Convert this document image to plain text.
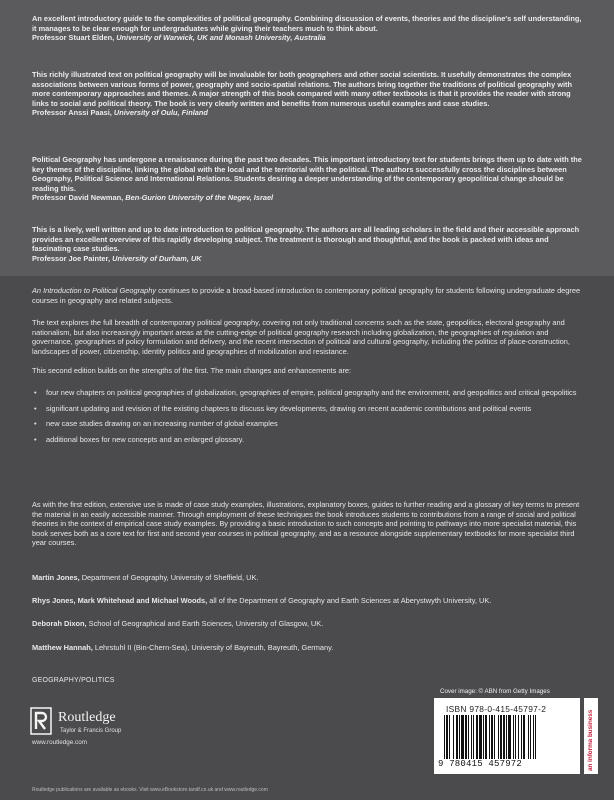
An excellent introductory guide to the complexities of political geography. Combining discussion of events, theories and the discipline's self understanding, it manages to be clear enough for undergraduates while giving their teachers much to think about.
Professor Stuart Elden, University of Warwick, UK and Monash University, Australia
This richly illustrated text on political geography will be invaluable for both geographers and other social scientists. It usefully demonstrates the complex associations between various forms of power, geography and socio-spatial relations. The authors bring together the traditions of political geography with more contemporary approaches and themes. A major strength of this book compared with many other textbooks is that it provides the reader with strong links to social and political theory. The book is very clearly written and benefits from numerous useful examples and case studies.
Professor Anssi Paasi, University of Oulu, Finland
Political Geography has undergone a renaissance during the past two decades. This important introductory text for students brings them up to date with the key themes of the discipline, linking the global with the local and the territorial with the political. The authors successfully cross the disciplines between Geography, Political Science and International Relations. Students desiring a deeper understanding of the contemporary geopolitical change should be reading this.
Professor David Newman, Ben-Gurion University of the Negev, Israel
This is a lively, well written and up to date introduction to political geography. The authors are all leading scholars in the field and their accessible approach provides an excellent overview of this rapidly developing subject. The treatment is thorough and thoughtful, and the book is packed with ideas and fascinating case studies.
Professor Joe Painter, University of Durham, UK
An Introduction to Political Geography continues to provide a broad-based introduction to contemporary political geography for students following undergraduate degree courses in geography and related subjects.
The text explores the full breadth of contemporary political geography, covering not only traditional concerns such as the state, geopolitics, electoral geography and nationalism, but also increasingly important areas at the cutting-edge of political geography research including globalization, the geographies of regulation and governance, geographies of policy formulation and delivery, and the recent intersection of political and cultural geography, including the politics of place-construction, landscapes of power, citizenship, identity politics and geographies of mobilization and resistance.
This second edition builds on the strengths of the first. The main changes and enhancements are:
• four new chapters on political geographies of globalization, geographies of empire, political geography and the environment, and geopolitics and critical geopolitics
• significant updating and revision of the existing chapters to discuss key developments, drawing on recent academic contributions and political events
• new case studies drawing on an increasing number of global examples
• additional boxes for new concepts and an enlarged glossary.
As with the first edition, extensive use is made of case study examples, illustrations, explanatory boxes, guides to further reading and a glossary of key terms to present the material in an easily accessible manner. Through employment of these techniques the book introduces students to contributions from a range of social and political theories in the context of empirical case study examples. By providing a basic introduction to such concepts and pointing to pathways into more specialist material, this book serves both as a core text for first and second year courses in political geography, and as a resource alongside supplementary textbooks for more specialist third year courses.
Martin Jones, Department of Geography, University of Sheffield, UK.
Rhys Jones, Mark Whitehead and Michael Woods, all of the Department of Geography and Earth Sciences at Aberystwyth University, UK.
Deborah Dixon, School of Geographical and Earth Sciences, University of Glasgow, UK.
Matthew Hannah, Lehrstuhl II (Bin-Chern-Sea), University of Bayreuth, Bayreuth, Germany.
GEOGRAPHY/POLITICS
Routledge
Taylor & Francis Group
www.routledge.com
Routledge publications are available as ebooks. Visit www.eBookstore.tandf.co.uk and www.routledge.com
Cover image: © ABN from Getty Images
ISBN 978-0-415-45797-2
9 780415 457972	an informa business
